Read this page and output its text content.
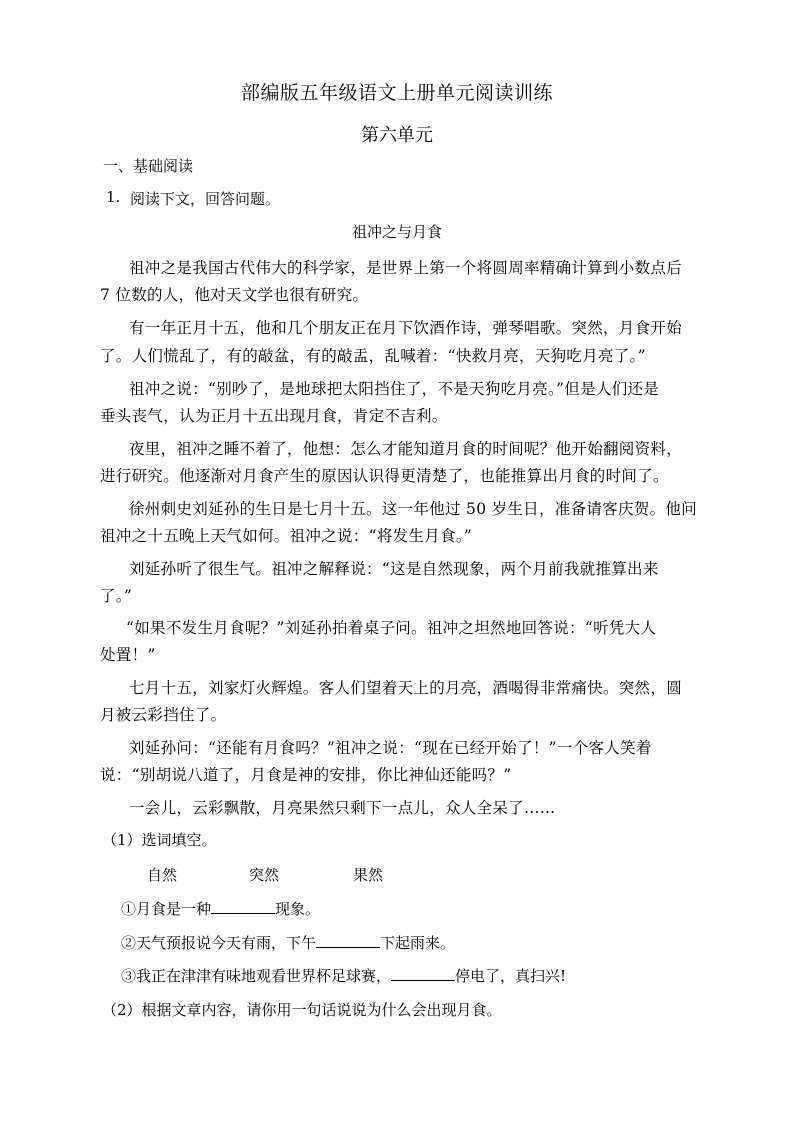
部编版五年级语文上册单元阅读训练
第六单元
一、基础阅读
1. 阅读下文，回答问题。
祖冲之与月食
祖冲之是我国古代伟大的科学家，是世界上第一个将圆周率精确计算到小数点后
7 位数的人，他对天文学也很有研究。
有一年正月十五，他和几个朋友正在月下饮酒作诗，弹琴唱歌。突然，月食开始
了。人们慌乱了，有的敲盆，有的敲盂，乱喊着：“快救月亮，天狗吃月亮了。”
祖冲之说：“别吵了，是地球把太阳挡住了，不是天狗吃月亮。”但是人们还是
垂头丧气，认为正月十五出现月食，肯定不吉利。
夜里，祖冲之睡不着了，他想：怎么才能知道月食的时间呢？他开始翻阅资料，
进行研究。他逐渐对月食产生的原因认识得更清楚了，也能推算出月食的时间了。
徐州刺史刘延孙的生日是七月十五。这一年他过 50 岁生日，准备请客庆贺。他问
祖冲之十五晚上天气如何。祖冲之说：“将发生月食。”
刘延孙听了很生气。祖冲之解释说：“这是自然现象，两个月前我就推算出来
了。”
“如果不发生月食呢？”刘延孙拍着桌子问。祖冲之坦然地回答说：“听凭大人
处置！”
七月十五，刘家灯火辉煌。客人们望着天上的月亮，酒喝得非常痛快。突然，圆
月被云彩挡住了。
刘延孙问：“还能有月食吗？”祖冲之说：“现在已经开始了！”一个客人笑着
说：“别胡说八道了，月食是神的安排，你比神仙还能吗？”
一会儿，云彩飘散，月亮果然只剩下一点儿，众人全呆了……
（1）选词填空。
自然	突然	果然
①月食是一种	现象。
②天气预报说今天有雨，下午	下起雨来。
③我正在津津有味地观看世界杯足球赛，	停电了，真扫兴!
（2）根据文章内容，请你用一句话说说为什么会出现月食。
